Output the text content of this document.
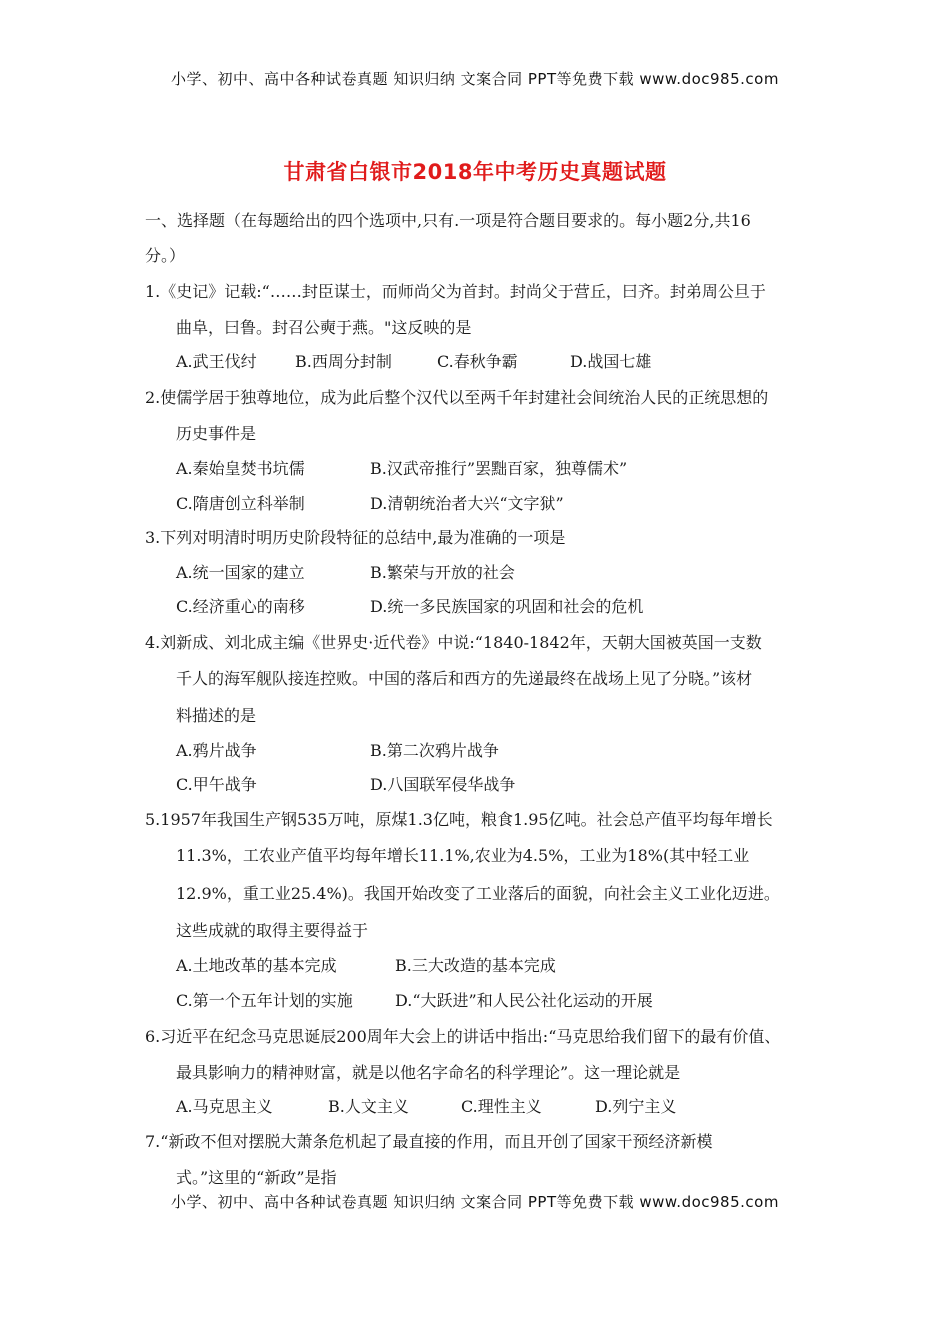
小学、初中、高中各种试卷真题 知识归纳 文案合同 PPT等免费下载 www.doc985.com
甘肃省白银市2018年中考历史真题试题
一、选择题（在每题给出的四个选项中,只有.一项是符合题目要求的。每小题2分,共16
分。）
1.《史记》记载:“……封臣谋士，而师尚父为首封。封尚父于营丘，曰齐。封弟周公旦于
曲阜，曰鲁。封召公奭于燕。"这反映的是
A.武王伐纣 B.西周分封制	C.春秋争霸	D.战国七雄
2.使儒学居于独尊地位，成为此后整个汉代以至两千年封建社会间统治人民的正统思想的
历史事件是
A.秦始皇焚书坑儒	B.汉武帝推行”罢黜百家，独尊儒术”
C.隋唐创立科举制	D.清朝统治者大兴“文字狱”
3.下列对明清时明历史阶段特征的总结中,最为准确的一项是
A.统一国家的建立	B.繁荣与开放的社会
C.经济重心的南移	D.统一多民族国家的巩固和社会的危机
4.刘新成、刘北成主编《世界史·近代卷》中说:“1840-1842年，天朝大国被英国一支数
千人的海军舰队接连控败。中国的落后和西方的先递最终在战场上见了分晓。”该材
料描述的是
A.鸦片战争	B.第二次鸦片战争
C.甲午战争	D.八国联军侵华战争
5.1957年我国生产钢535万吨，原煤1.3亿吨，粮食1.95亿吨。社会总产值平均每年增长
11.3%，工农业产值平均每年增长11.1%,农业为4.5%，工业为18%(其中轻工业
12.9%，重工业25.4%)。我国开始改变了工业落后的面貌，向社会主义工业化迈进。
这些成就的取得主要得益于
A.土地改革的基本完成	B.三大改造的基本完成
C.第一个五年计划的实施	D.“大跃进”和人民公社化运动的开展
6.习近平在纪念马克思诞辰200周年大会上的讲话中指出:“马克思给我们留下的最有价值、
最具影响力的精神财富，就是以他名字命名的科学理论”。这一理论就是
A.马克思主义	B.人文主义	C.理性主义	D.列宁主义
7.“新政不但对摆脱大萧条危机起了最直接的作用，而且开创了国家干预经济新模
式。”这里的“新政”是指
小学、初中、高中各种试卷真题 知识归纳 文案合同 PPT等免费下载 www.doc985.com
